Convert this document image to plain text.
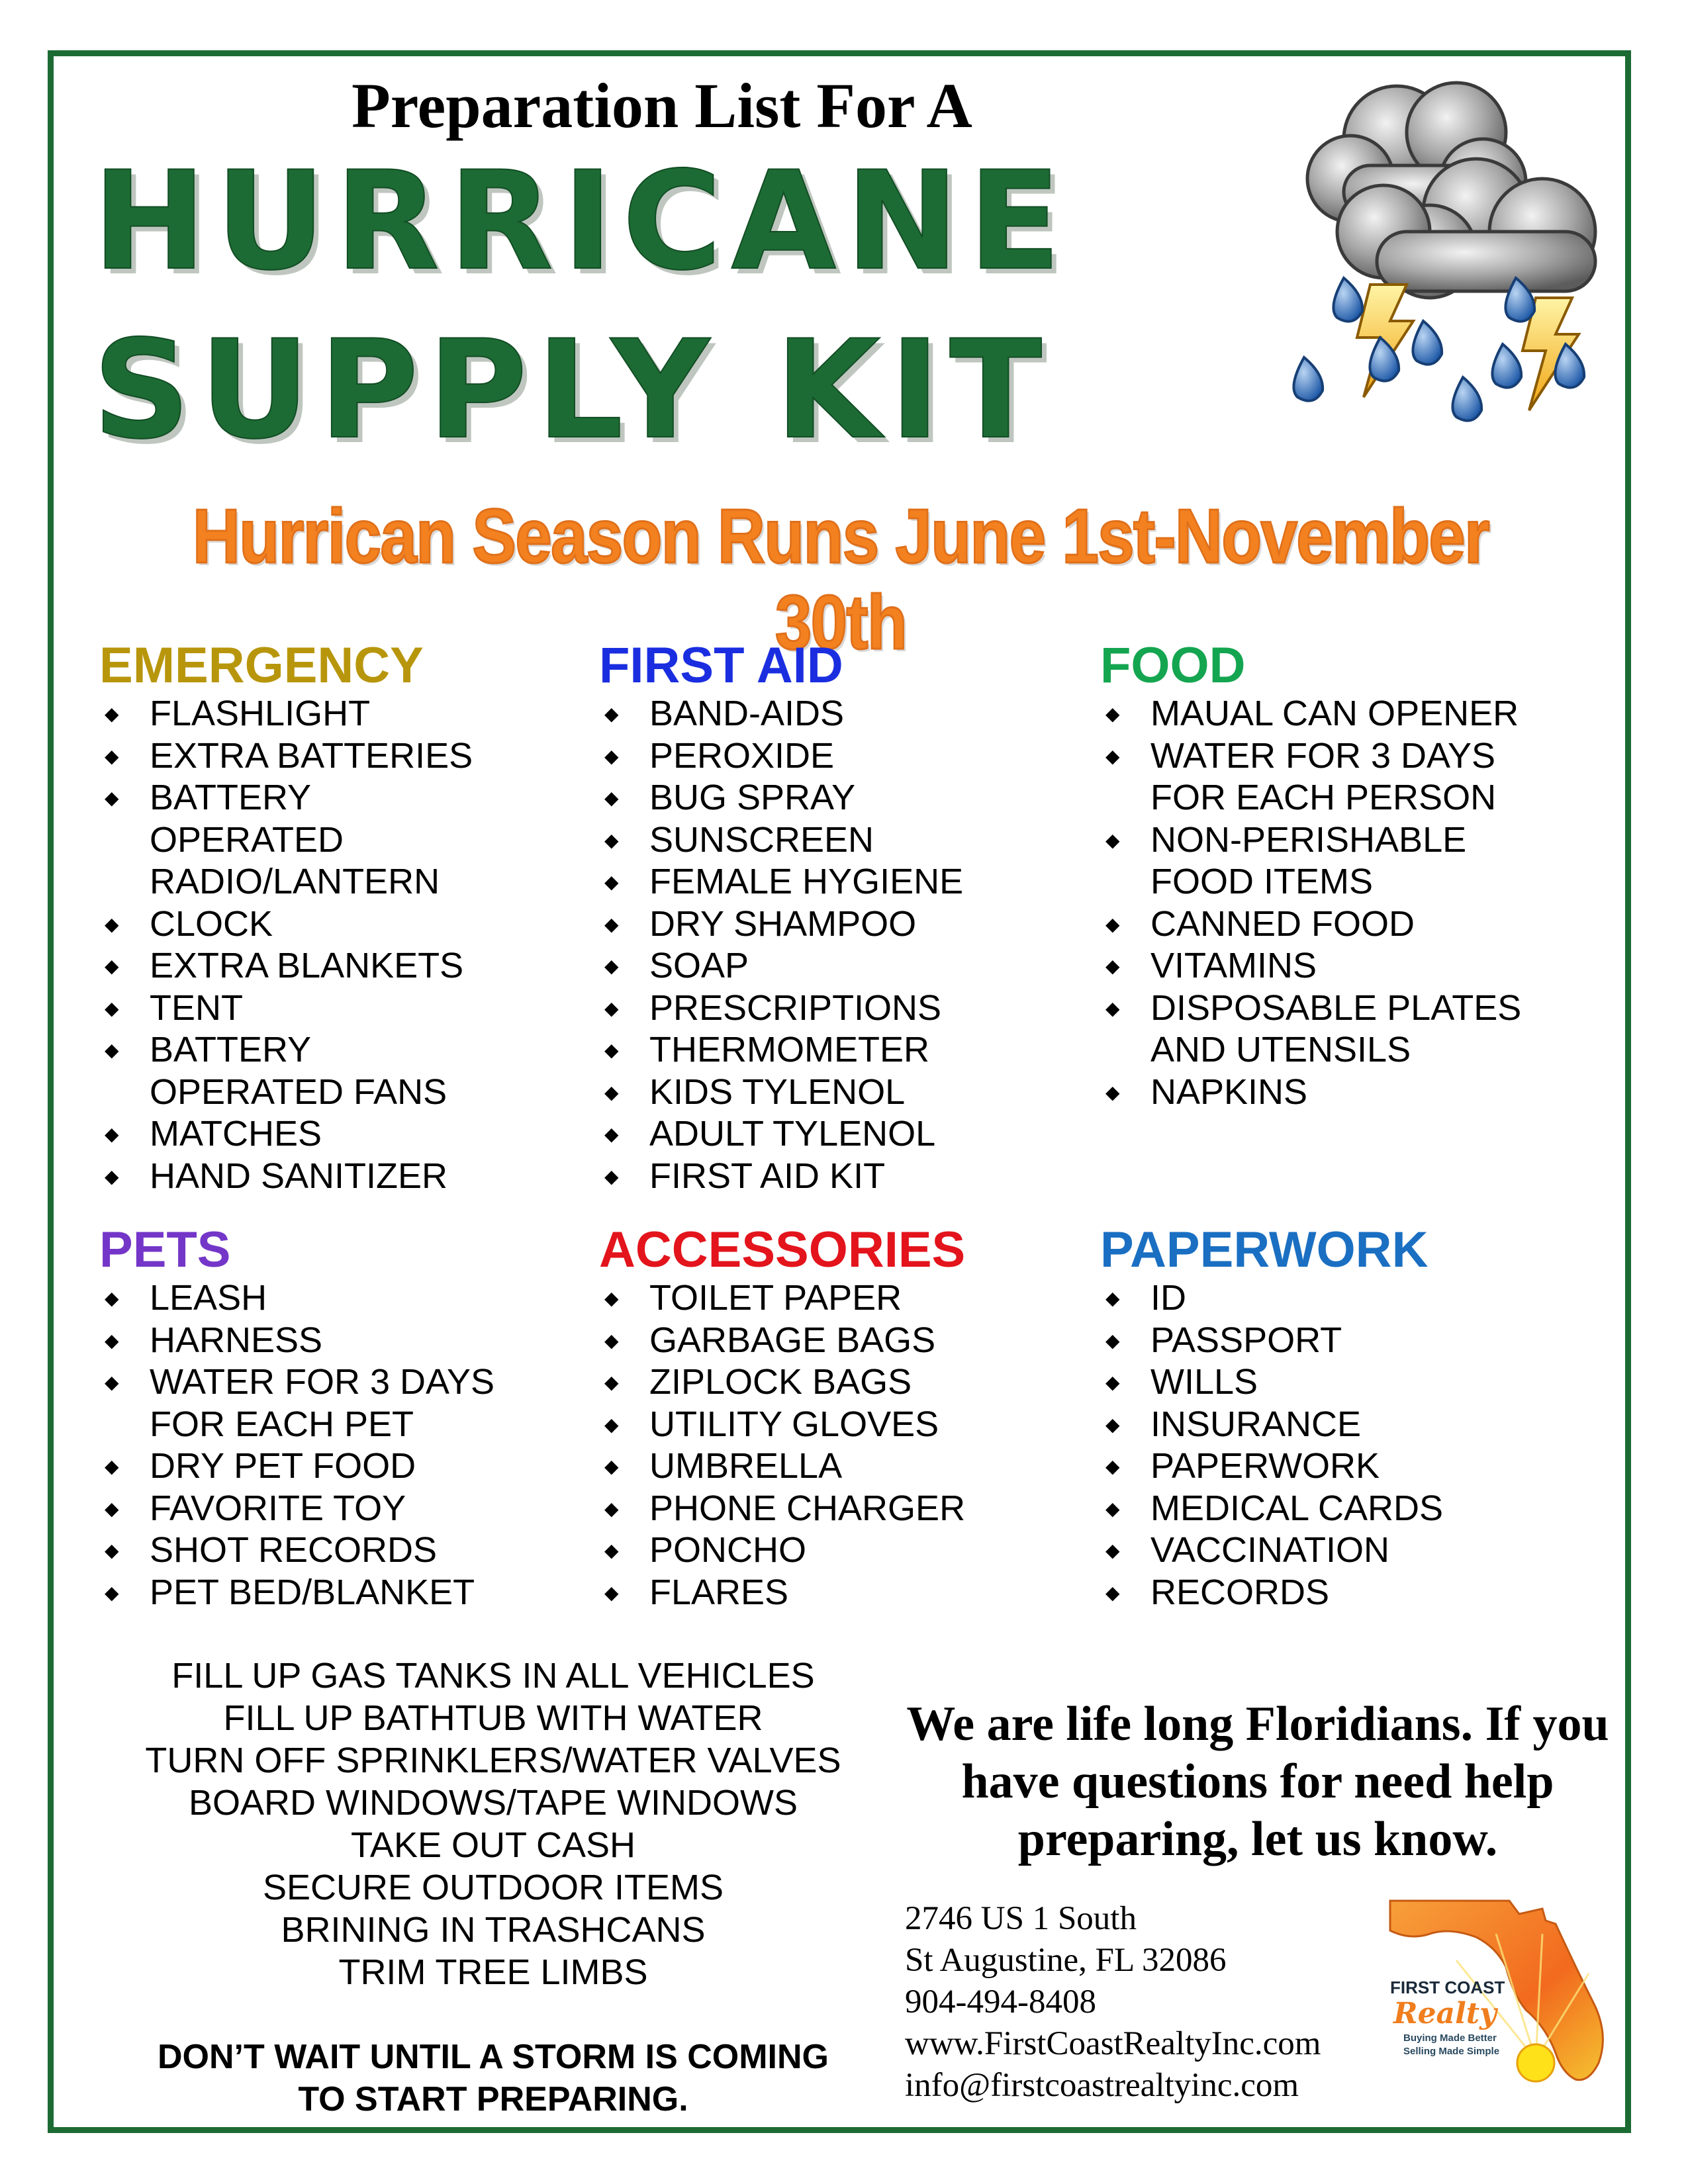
Preparation List For A
HURRICANE
SUPPLY KIT
Hurrican Season Runs June 1st-November 30th
EMERGENCY
◆ FLASHLIGHT
◆ EXTRA BATTERIES
◆ BATTERY OPERATED RADIO/LANTERN
◆ CLOCK
◆ EXTRA BLANKETS
◆ TENT
◆ BATTERY OPERATED FANS
◆ MATCHES
◆ HAND SANITIZER
FIRST AID
◆ BAND-AIDS
◆ PEROXIDE
◆ BUG SPRAY
◆ SUNSCREEN
◆ FEMALE HYGIENE
◆ DRY SHAMPOO
◆ SOAP
◆ PRESCRIPTIONS
◆ THERMOMETER
◆ KIDS TYLENOL
◆ ADULT TYLENOL
◆ FIRST AID KIT
FOOD
◆ MAUAL CAN OPENER
◆ WATER FOR 3 DAYS FOR EACH PERSON
◆ NON-PERISHABLE FOOD ITEMS
◆ CANNED FOOD
◆ VITAMINS
◆ DISPOSABLE PLATES AND UTENSILS
◆ NAPKINS
PETS
◆ LEASH
◆ HARNESS
◆ WATER FOR 3 DAYS FOR EACH PET
◆ DRY PET FOOD
◆ FAVORITE TOY
◆ SHOT RECORDS
◆ PET BED/BLANKET
ACCESSORIES
◆ TOILET PAPER
◆ GARBAGE BAGS
◆ ZIPLOCK BAGS
◆ UTILITY GLOVES
◆ UMBRELLA
◆ PHONE CHARGER
◆ PONCHO
◆ FLARES
PAPERWORK
◆ ID
◆ PASSPORT
◆ WILLS
◆ INSURANCE
◆ PAPERWORK
◆ MEDICAL CARDS
◆ VACCINATION
◆ RECORDS
FILL UP GAS TANKS IN ALL VEHICLES
FILL UP BATHTUB WITH WATER
TURN OFF SPRINKLERS/WATER VALVES
BOARD WINDOWS/TAPE WINDOWS
TAKE OUT CASH
SECURE OUTDOOR ITEMS
BRINING IN TRASHCANS
TRIM TREE LIMBS
DON’T WAIT UNTIL A STORM IS COMING
TO START PREPARING.
We are life long Floridians. If you have questions for need help preparing, let us know.
2746 US 1 South
St Augustine, FL 32086
904-494-8408
www.FirstCoastRealtyInc.com
info@firstcoastrealtyinc.com
FIRST COAST
Realty
Buying Made Better
Selling Made Simple
